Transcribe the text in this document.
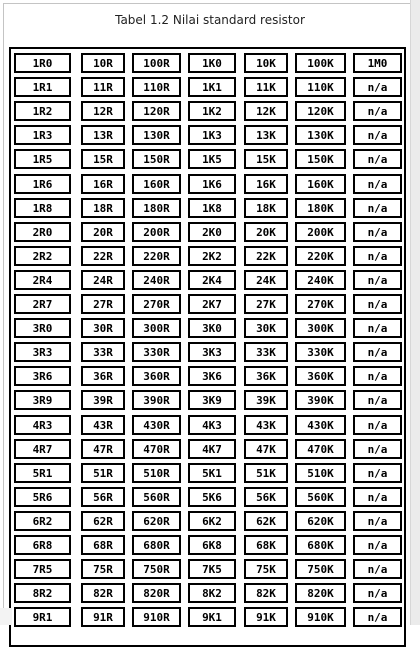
Tabel 1.2 Nilai standard resistor
1R0	10R	100R	1K0	10K	100K	1M0
1R1	11R	110R	1K1	11K	110K	n/a
1R2	12R	120R	1K2	12K	120K	n/a
1R3	13R	130R	1K3	13K	130K	n/a
1R5	15R	150R	1K5	15K	150K	n/a
1R6	16R	160R	1K6	16K	160K	n/a
1R8	18R	180R	1K8	18K	180K	n/a
2R0	20R	200R	2K0	20K	200K	n/a
2R2	22R	220R	2K2	22K	220K	n/a
2R4	24R	240R	2K4	24K	240K	n/a
2R7	27R	270R	2K7	27K	270K	n/a
3R0	30R	300R	3K0	30K	300K	n/a
3R3	33R	330R	3K3	33K	330K	n/a
3R6	36R	360R	3K6	36K	360K	n/a
3R9	39R	390R	3K9	39K	390K	n/a
4R3	43R	430R	4K3	43K	430K	n/a
4R7	47R	470R	4K7	47K	470K	n/a
5R1	51R	510R	5K1	51K	510K	n/a
5R6	56R	560R	5K6	56K	560K	n/a
6R2	62R	620R	6K2	62K	620K	n/a
6R8	68R	680R	6K8	68K	680K	n/a
7R5	75R	750R	7K5	75K	750K	n/a
8R2	82R	820R	8K2	82K	820K	n/a
9R1	91R	910R	9K1	91K	910K	n/a
